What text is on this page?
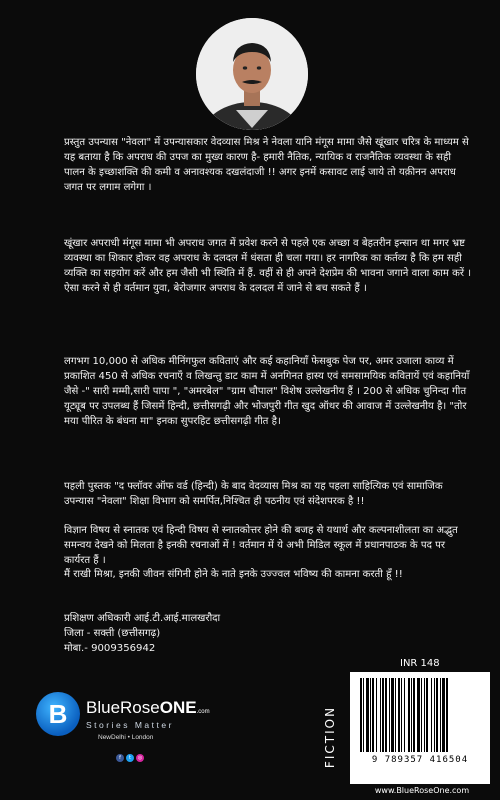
प्रस्तुत उपन्यास "नेवला" में उपन्यासकार वेदव्यास मिश्र ने नेवला यानि मंगूस मामा जैसे खूंखार चरित्र के माध्यम से यह बताया है कि अपराध की उपज का मुख्य कारण है- हमारी नैतिक, न्यायिक व राजनैतिक व्यवस्था के सही पालन के इच्छाशक्ति की कमी व अनावश्यक दखलंदाजी !! अगर इनमें कसावट लाई जाये तो यक़ीनन अपराध जगत पर लगाम लगेगा ।
खूंखार अपराधी मंगूस मामा भी अपराध जगत में प्रवेश करने से पहले एक अच्छा व बेहतरीन इन्सान था मगर भ्रष्ट व्यवस्था का शिकार होकर वह अपराध के दलदल में धंसता ही चला गया। हर नागरिक का कर्तव्य है कि हम सही व्यक्ति का सहयोग करें और हम जैसी भी स्थिति में हैं. वहीं से ही अपने देशप्रेम की भावना जगाने वाला काम करें । ऐसा करने से ही वर्तमान युवा, बेरोजगार अपराध के दलदल में जाने से बच सकते हैं ।
लगभग 10,000 से अधिक मीनिंगफुल कविताएं और कई कहानियाँ फेसबुक पेज पर, अमर उजाला काव्य में प्रकाशित 450 से अधिक रचनाएँ व लिखन्तु डाट काम में अनगिनत हास्य एवं समसामयिक कवितायें एवं कहानियाँ जैसे -" सारी मम्मी,सारी पापा ", "अमरबेल" "ग्राम चौपाल" विशेष उल्लेखनीय हैं । 200 से अधिक चुनिन्दा गीत यूट्यूब पर उपलब्ध हैं जिसमें हिन्दी, छत्तीसगढ़ी और भोजपुरी गीत खुद ऑथर की आवाज में उल्लेखनीय है। "तोर मया पीरित के बंधना मा" इनका सुपरहिट छत्तीसगढ़ी गीत है।
पहली पुस्तक "द फ्लॉवर ऑफ वर्ड (हिन्दी) के बाद वेदव्यास मिश्र का यह पहला साहित्यिक एवं सामाजिक उपन्यास "नेवला" शिक्षा विभाग को समर्पित,निश्चित ही पठनीय एवं संदेशपरक है !!
विज्ञान विषय से स्नातक एवं हिन्दी विषय से स्नातकोत्तर होने की बजह से यथार्थ और कल्पनाशीलता का अद्भुत समन्वय देखने को मिलता है इनकी रचनाओं में ! वर्तमान में ये अभी मिडिल स्कूल में प्रधानपाठक के पद पर कार्यरत हैं ।
मैं राखी मिश्रा, इनकी जीवन संगिनी होने के नाते इनके उज्ज्वल भविष्य की कामना करती हूँ !!
प्रशिक्षण अधिकारी आई.टी.आई.मालखरौदा
जिला - सक्ती (छत्तीसगढ़)
मोबा.- 9009356942
B	BlueRoseONE.com
Stories Matter
NewDelhi • London
f t ◎	FICTION
INR 148
9 789357 416504
www.BlueRoseOne.com
